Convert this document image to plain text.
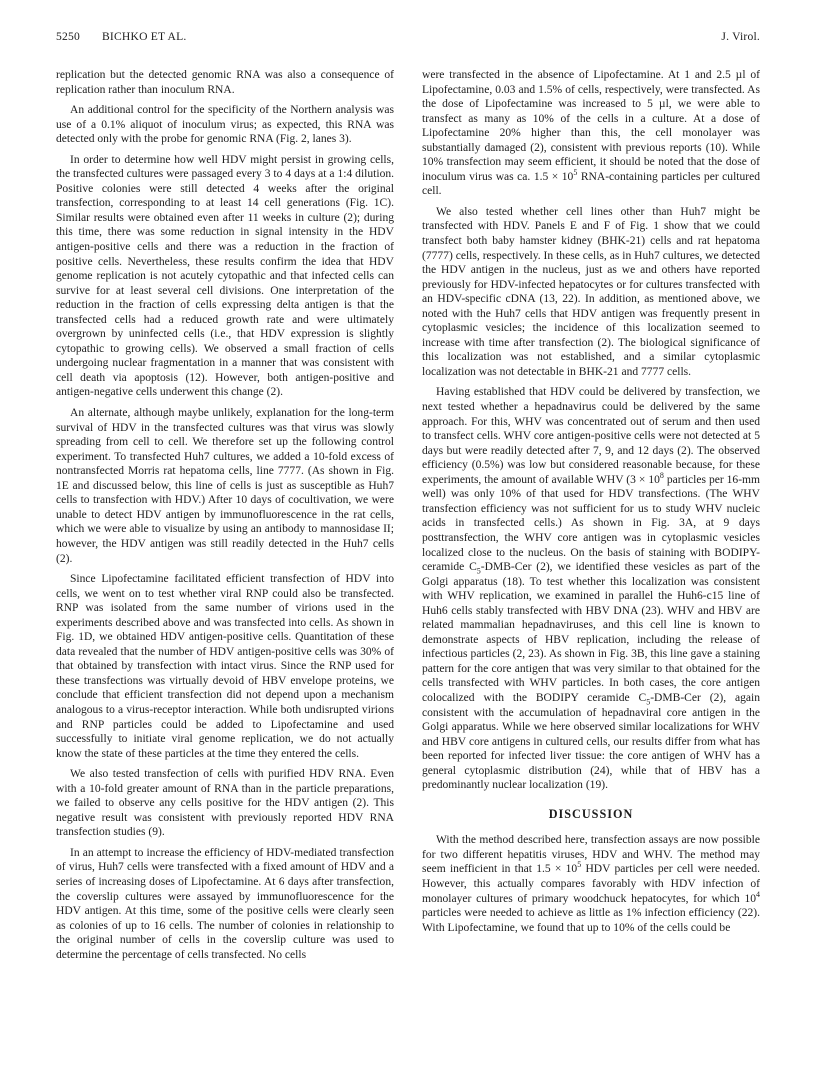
5250 BICHKO ET AL.	J. Virol.

replication but the detected genomic RNA was also a consequence of replication rather than inoculum RNA.

An additional control for the specificity of the Northern analysis was use of a 0.1% aliquot of inoculum virus; as expected, this RNA was detected only with the probe for genomic RNA (Fig. 2, lanes 3).

In order to determine how well HDV might persist in growing cells, the transfected cultures were passaged every 3 to 4 days at a 1:4 dilution. Positive colonies were still detected 4 weeks after the original transfection, corresponding to at least 14 cell generations (Fig. 1C). Similar results were obtained even after 11 weeks in culture (2); during this time, there was some reduction in signal intensity in the HDV antigen-positive cells and there was a reduction in the fraction of positive cells. Nevertheless, these results confirm the idea that HDV genome replication is not acutely cytopathic and that infected cells can survive for at least several cell divisions. One interpretation of the reduction in the fraction of cells expressing delta antigen is that the transfected cells had a reduced growth rate and were ultimately overgrown by uninfected cells (i.e., that HDV expression is slightly cytopathic to growing cells). We observed a small fraction of cells undergoing nuclear fragmentation in a manner that was consistent with cell death via apoptosis (12). However, both antigen-positive and antigen-negative cells underwent this change (2).

An alternate, although maybe unlikely, explanation for the long-term survival of HDV in the transfected cultures was that virus was slowly spreading from cell to cell. We therefore set up the following control experiment. To transfected Huh7 cultures, we added a 10-fold excess of nontransfected Morris rat hepatoma cells, line 7777. (As shown in Fig. 1E and discussed below, this line of cells is just as susceptible as Huh7 cells to transfection with HDV.) After 10 days of cocultivation, we were unable to detect HDV antigen by immunofluorescence in the rat cells, which we were able to visualize by using an antibody to mannosidase II; however, the HDV antigen was still readily detected in the Huh7 cells (2).

Since Lipofectamine facilitated efficient transfection of HDV into cells, we went on to test whether viral RNP could also be transfected. RNP was isolated from the same number of virions used in the experiments described above and was transfected into cells. As shown in Fig. 1D, we obtained HDV antigen-positive cells. Quantitation of these data revealed that the number of HDV antigen-positive cells was 30% of that obtained by transfection with intact virus. Since the RNP used for these transfections was virtually devoid of HBV envelope proteins, we conclude that efficient transfection did not depend upon a mechanism analogous to a virus-receptor interaction. While both undisrupted virions and RNP particles could be added to Lipofectamine and used successfully to initiate viral genome replication, we do not actually know the state of these particles at the time they entered the cells.

We also tested transfection of cells with purified HDV RNA. Even with a 10-fold greater amount of RNA than in the particle preparations, we failed to observe any cells positive for the HDV antigen (2). This negative result was consistent with previously reported HDV RNA transfection studies (9).

In an attempt to increase the efficiency of HDV-mediated transfection of virus, Huh7 cells were transfected with a fixed amount of HDV and a series of increasing doses of Lipofectamine. At 6 days after transfection, the coverslip cultures were assayed by immunofluorescence for the HDV antigen. At this time, some of the positive cells were clearly seen as colonies of up to 16 cells. The number of colonies in relationship to the original number of cells in the coverslip culture was used to determine the percentage of cells transfected. No cells

were transfected in the absence of Lipofectamine. At 1 and 2.5 µl of Lipofectamine, 0.03 and 1.5% of cells, respectively, were transfected. As the dose of Lipofectamine was increased to 5 µl, we were able to transfect as many as 10% of the cells in a culture. At a dose of Lipofectamine 20% higher than this, the cell monolayer was substantially damaged (2), consistent with previous reports (10). While 10% transfection may seem efficient, it should be noted that the dose of inoculum virus was ca. $1.5 \times 10^5$ RNA-containing particles per cultured cell.

We also tested whether cell lines other than Huh7 might be transfected with HDV. Panels E and F of Fig. 1 show that we could transfect both baby hamster kidney (BHK-21) cells and rat hepatoma (7777) cells, respectively. In these cells, as in Huh7 cultures, we detected the HDV antigen in the nucleus, just as we and others have reported previously for HDV-infected hepatocytes or for cultures transfected with an HDV-specific cDNA (13, 22). In addition, as mentioned above, we noted with the Huh7 cells that HDV antigen was frequently present in cytoplasmic vesicles; the incidence of this localization seemed to increase with time after transfection (2). The biological significance of this localization was not established, and a similar cytoplasmic localization was not detectable in BHK-21 and 7777 cells.

Having established that HDV could be delivered by transfection, we next tested whether a hepadnavirus could be delivered by the same approach. For this, WHV was concentrated out of serum and then used to transfect cells. WHV core antigen-positive cells were not detected at 5 days but were readily detected after 7, 9, and 12 days (2). The observed efficiency (0.5%) was low but considered reasonable because, for these experiments, the amount of available WHV ($3 \times 10^8$ particles per 16-mm well) was only 10% of that used for HDV transfections. (The WHV transfection efficiency was not sufficient for us to study WHV nucleic acids in transfected cells.) As shown in Fig. 3A, at 9 days posttransfection, the WHV core antigen was in cytoplasmic vesicles localized close to the nucleus. On the basis of staining with BODIPY-ceramide $C_5-DMB$-Cer (2), we identified these vesicles as part of the Golgi apparatus (18). To test whether this localization was consistent with WHV replication, we examined in parallel the Huh6-c15 line of Huh6 cells stably transfected with HBV DNA (23). WHV and HBV are related mammalian hepadnaviruses, and this cell line is known to demonstrate aspects of HBV replication, including the release of infectious particles (2, 23). As shown in Fig. 3B, this line gave a staining pattern for the core antigen that was very similar to that obtained for the cells transfected with WHV particles. In both cases, the core antigen colocalized with the BODIPY ceramide $C_5-DMB$-Cer (2), again consistent with the accumulation of hepadnaviral core antigen in the Golgi apparatus. While we here observed similar localizations for WHV and HBV core antigens in cultured cells, our results differ from what has been reported for infected liver tissue: the core antigen of WHV has a general cytoplasmic distribution (24), while that of HBV has a predominantly nuclear localization (19).

DISCUSSION

With the method described here, transfection assays are now possible for two different hepatitis viruses, HDV and WHV. The method may seem inefficient in that $1.5 \times 10^5$ HDV particles per cell were needed. However, this actually compares favorably with HDV infection of monolayer cultures of primary woodchuck hepatocytes, for which $10^4$ particles were needed to achieve as little as 1% infection efficiency (22). With Lipofectamine, we found that up to 10% of the cells could be
